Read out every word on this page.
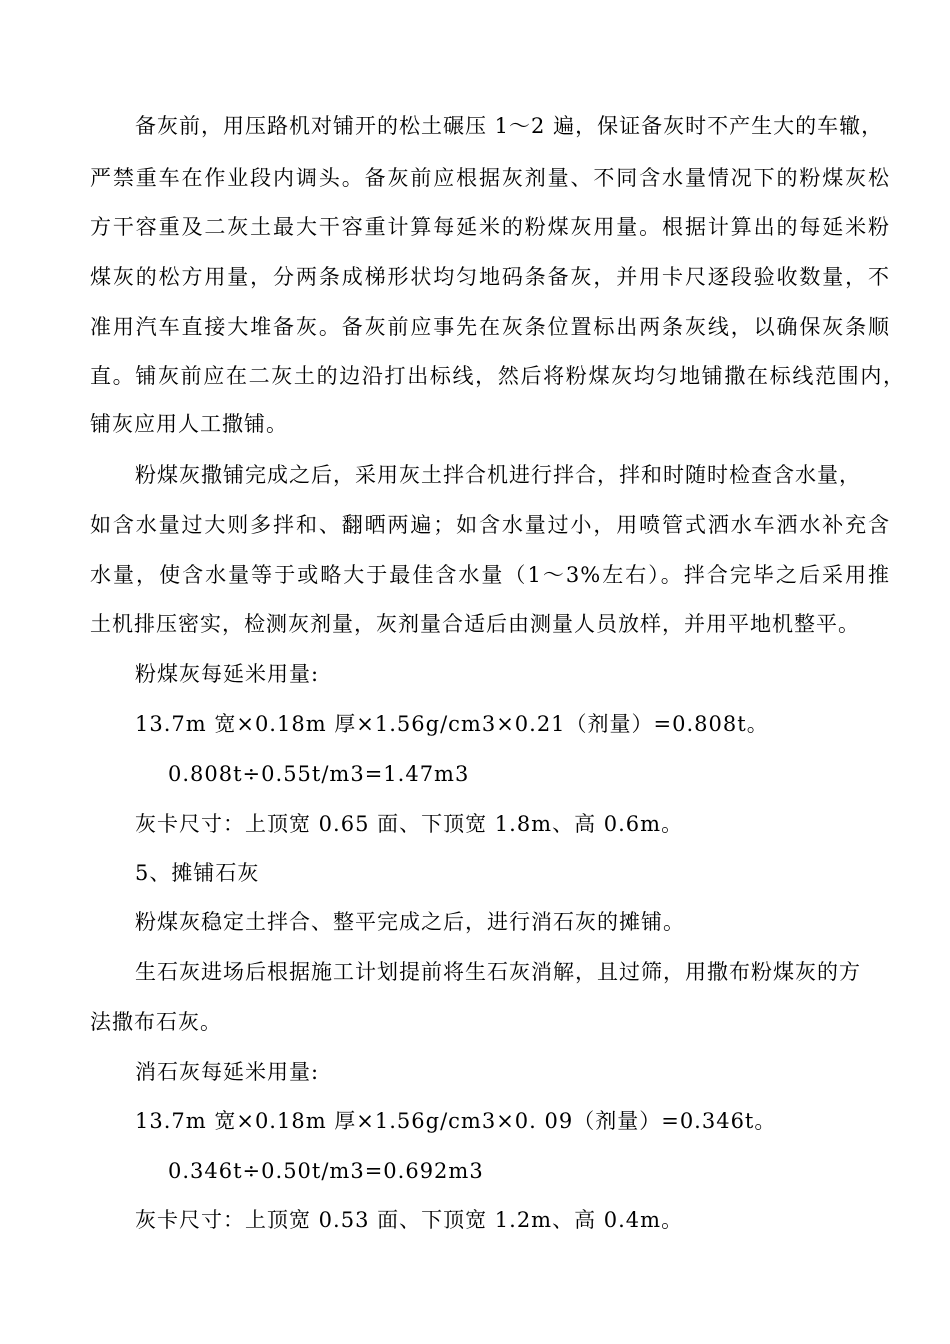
备灰前，用压路机对铺开的松土碾压 1～2 遍，保证备灰时不产生大的车辙，
严禁重车在作业段内调头。备灰前应根据灰剂量、不同含水量情况下的粉煤灰松
方干容重及二灰土最大干容重计算每延米的粉煤灰用量。根据计算出的每延米粉
煤灰的松方用量，分两条成梯形状均匀地码条备灰，并用卡尺逐段验收数量，不
准用汽车直接大堆备灰。备灰前应事先在灰条位置标出两条灰线，以确保灰条顺
直。铺灰前应在二灰土的边沿打出标线，然后将粉煤灰均匀地铺撒在标线范围内，
铺灰应用人工撒铺。
粉煤灰撒铺完成之后，采用灰土拌合机进行拌合，拌和时随时检查含水量，
如含水量过大则多拌和、翻晒两遍；如含水量过小，用喷管式洒水车洒水补充含
水量，使含水量等于或略大于最佳含水量（1～3%左右）。拌合完毕之后采用推
土机排压密实，检测灰剂量，灰剂量合适后由测量人员放样，并用平地机整平。
粉煤灰每延米用量:
13.7m 宽×0.18m 厚×1.56g/cm3×0.21（剂量）=0.808t。
0.808t÷0.55t/m3=1.47m3
灰卡尺寸：上顶宽 0.65 面、下顶宽 1.8m、高 0.6m。
5、摊铺石灰
粉煤灰稳定土拌合、整平完成之后，进行消石灰的摊铺。
生石灰进场后根据施工计划提前将生石灰消解，且过筛，用撒布粉煤灰的方
法撒布石灰。
消石灰每延米用量:
13.7m 宽×0.18m 厚×1.56g/cm3×0. 09（剂量）=0.346t。
0.346t÷0.50t/m3=0.692m3
灰卡尺寸：上顶宽 0.53 面、下顶宽 1.2m、高 0.4m。
